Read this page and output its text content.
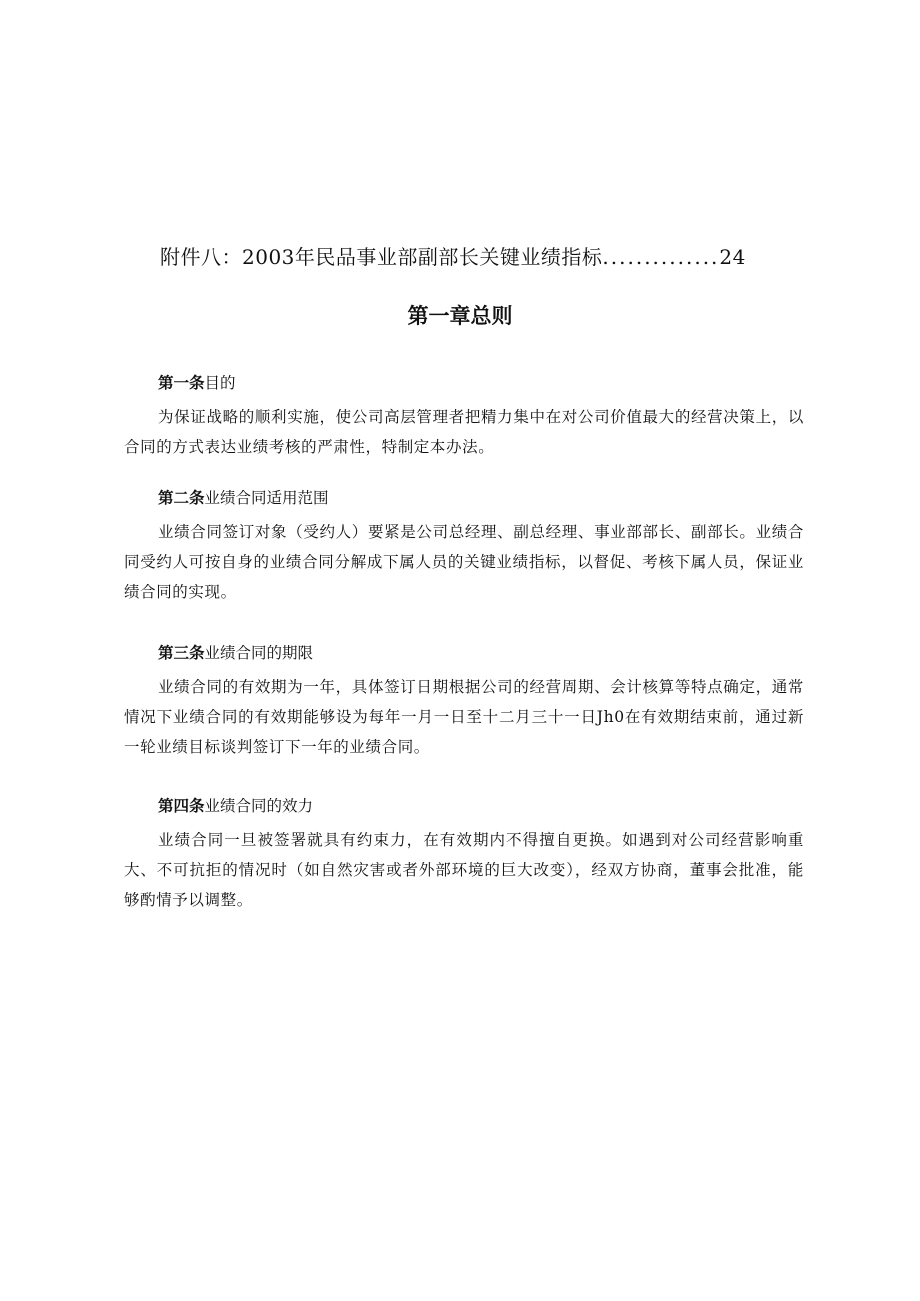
附件八：2003年民品事业部副部长关键业绩指标..............24
第一章总则
第一条目的
为保证战略的顺利实施，使公司高层管理者把精力集中在对公司价值最大的经营决策上，以合同的方式表达业绩考核的严肃性，特制定本办法。
第二条业绩合同适用范围
业绩合同签订对象（受约人）要紧是公司总经理、副总经理、事业部部长、副部长。业绩合同受约人可按自身的业绩合同分解成下属人员的关键业绩指标，以督促、考核下属人员，保证业绩合同的实现。
第三条业绩合同的期限
业绩合同的有效期为一年，具体签订日期根据公司的经营周期、会计核算等特点确定，通常情况下业绩合同的有效期能够设为每年一月一日至十二月三十一日Jh0在有效期结束前，通过新一轮业绩目标谈判签订下一年的业绩合同。
第四条业绩合同的效力
业绩合同一旦被签署就具有约束力，在有效期内不得擅自更换。如遇到对公司经营影响重大、不可抗拒的情况时（如自然灾害或者外部环境的巨大改变），经双方协商，董事会批准，能够酌情予以调整。
